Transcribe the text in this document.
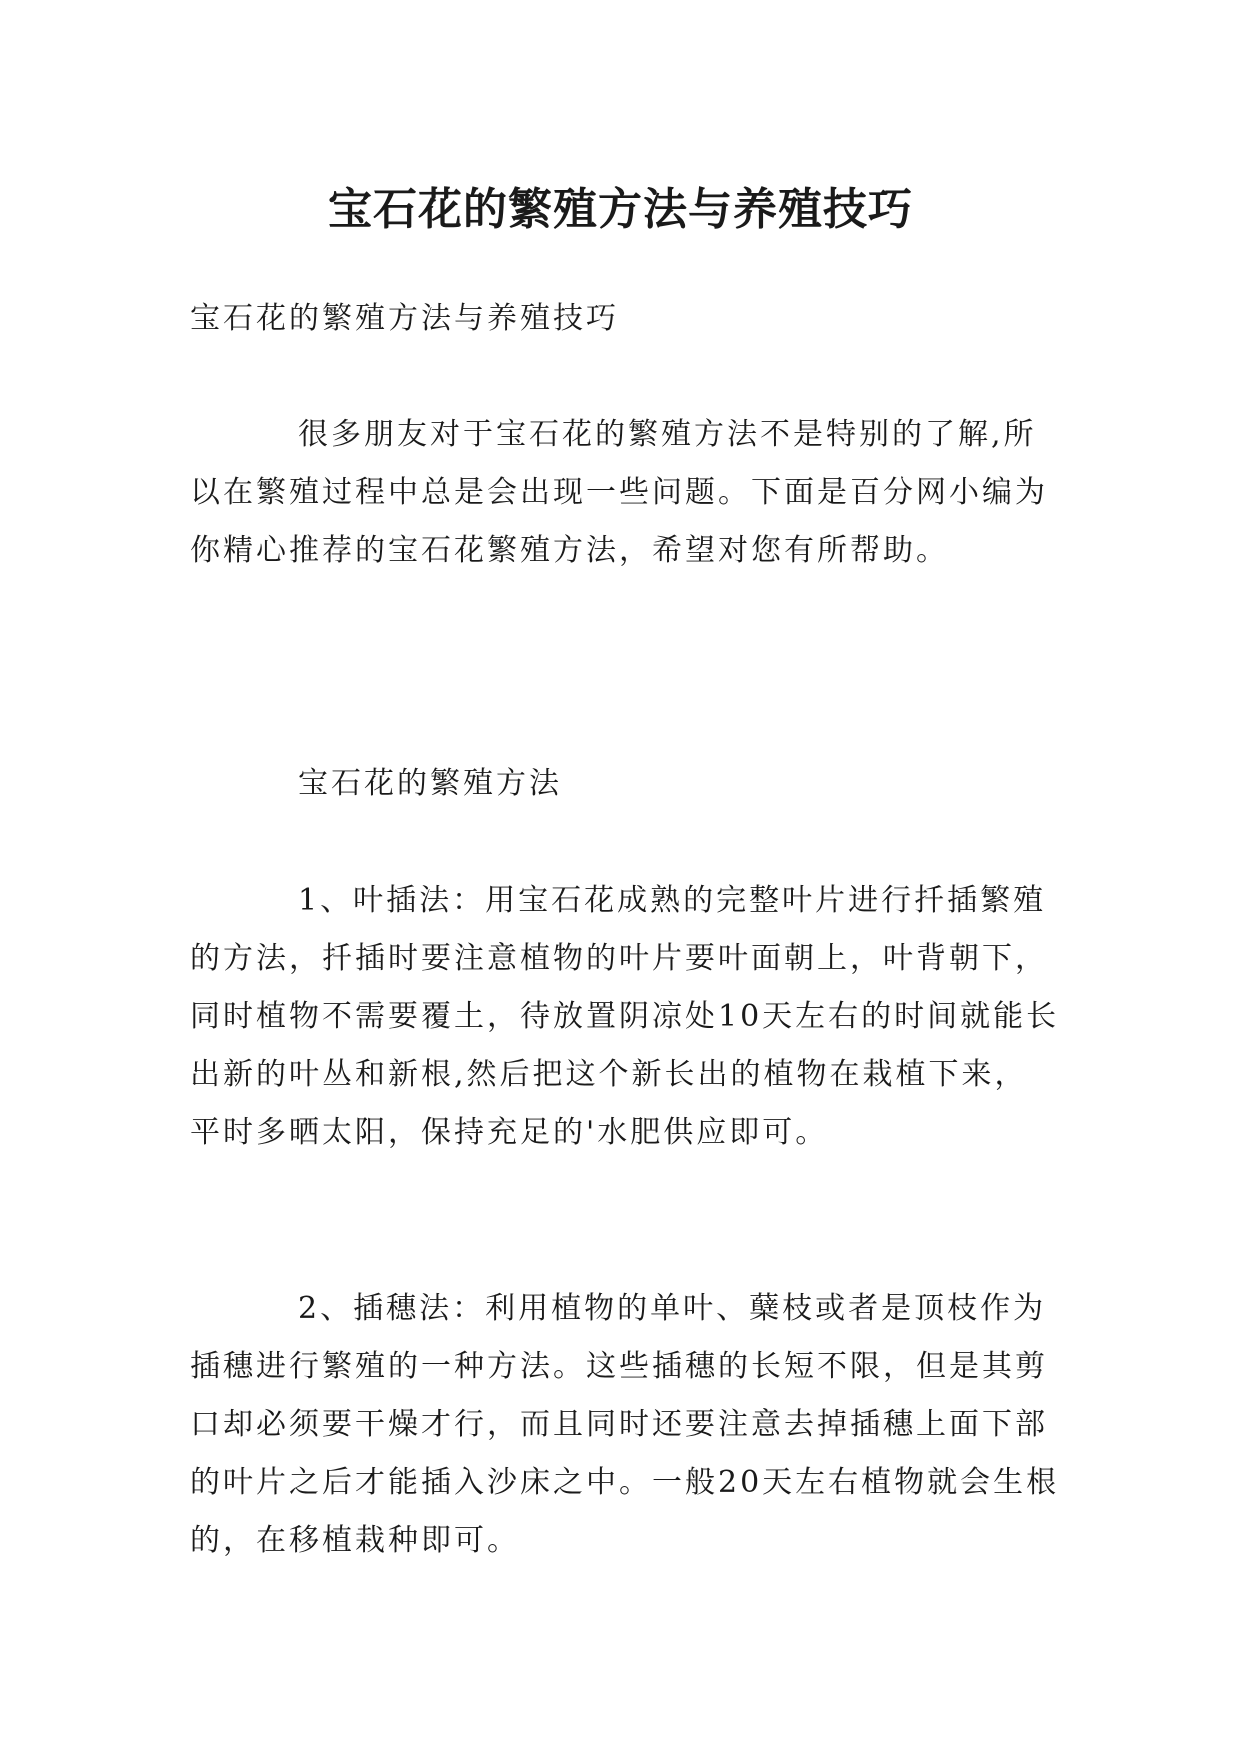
宝石花的繁殖方法与养殖技巧

宝石花的繁殖方法与养殖技巧

很多朋友对于宝石花的繁殖方法不是特别的了解,所以在繁殖过程中总是会出现一些问题。下面是百分网小编为你精心推荐的宝石花繁殖方法，希望对您有所帮助。

宝石花的繁殖方法

1、叶插法：用宝石花成熟的完整叶片进行扦插繁殖的方法，扦插时要注意植物的叶片要叶面朝上，叶背朝下，同时植物不需要覆土，待放置阴凉处10天左右的时间就能长出新的叶丛和新根,然后把这个新长出的植物在栽植下来，平时多晒太阳，保持充足的'水肥供应即可。

2、插穗法：利用植物的单叶、蘖枝或者是顶枝作为插穗进行繁殖的一种方法。这些插穗的长短不限，但是其剪口却必须要干燥才行，而且同时还要注意去掉插穗上面下部的叶片之后才能插入沙床之中。一般20天左右植物就会生根的，在移植栽种即可。
